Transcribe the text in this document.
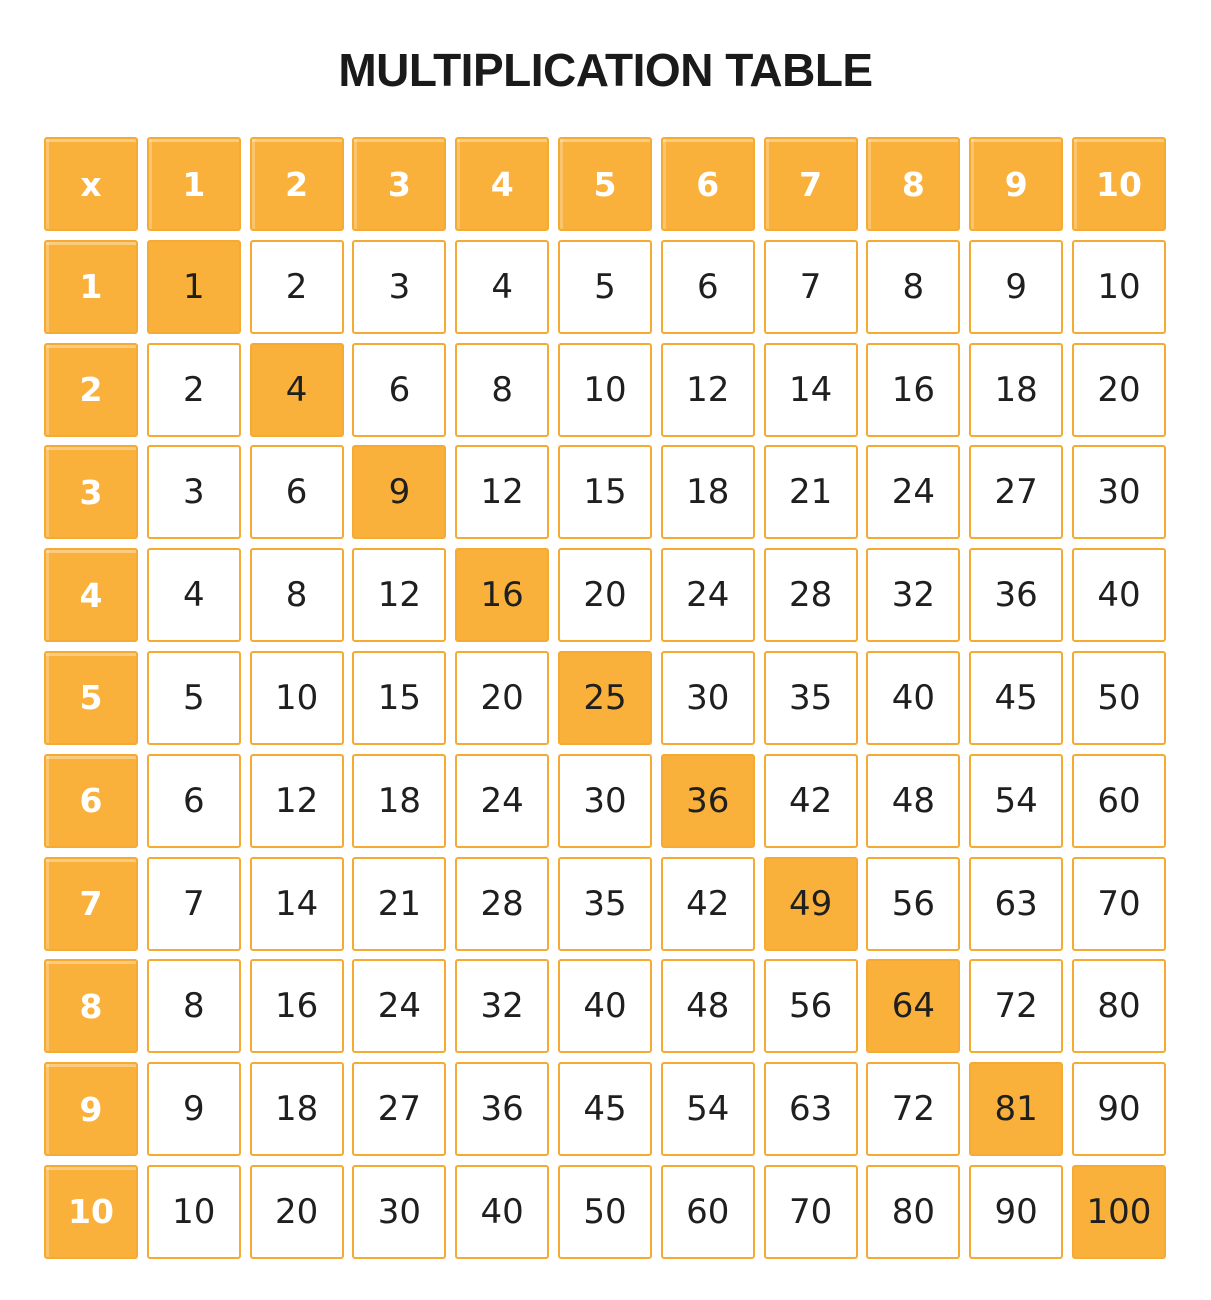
MULTIPLICATION TABLE
x	1	2	3	4	5	6	7	8	9	10
1	1	2	3	4	5	6	7	8	9	10
2	2	4	6	8	10	12	14	16	18	20
3	3	6	9	12	15	18	21	24	27	30
4	4	8	12	16	20	24	28	32	36	40
5	5	10	15	20	25	30	35	40	45	50
6	6	12	18	24	30	36	42	48	54	60
7	7	14	21	28	35	42	49	56	63	70
8	8	16	24	32	40	48	56	64	72	80
9	9	18	27	36	45	54	63	72	81	90
10	10	20	30	40	50	60	70	80	90	100
